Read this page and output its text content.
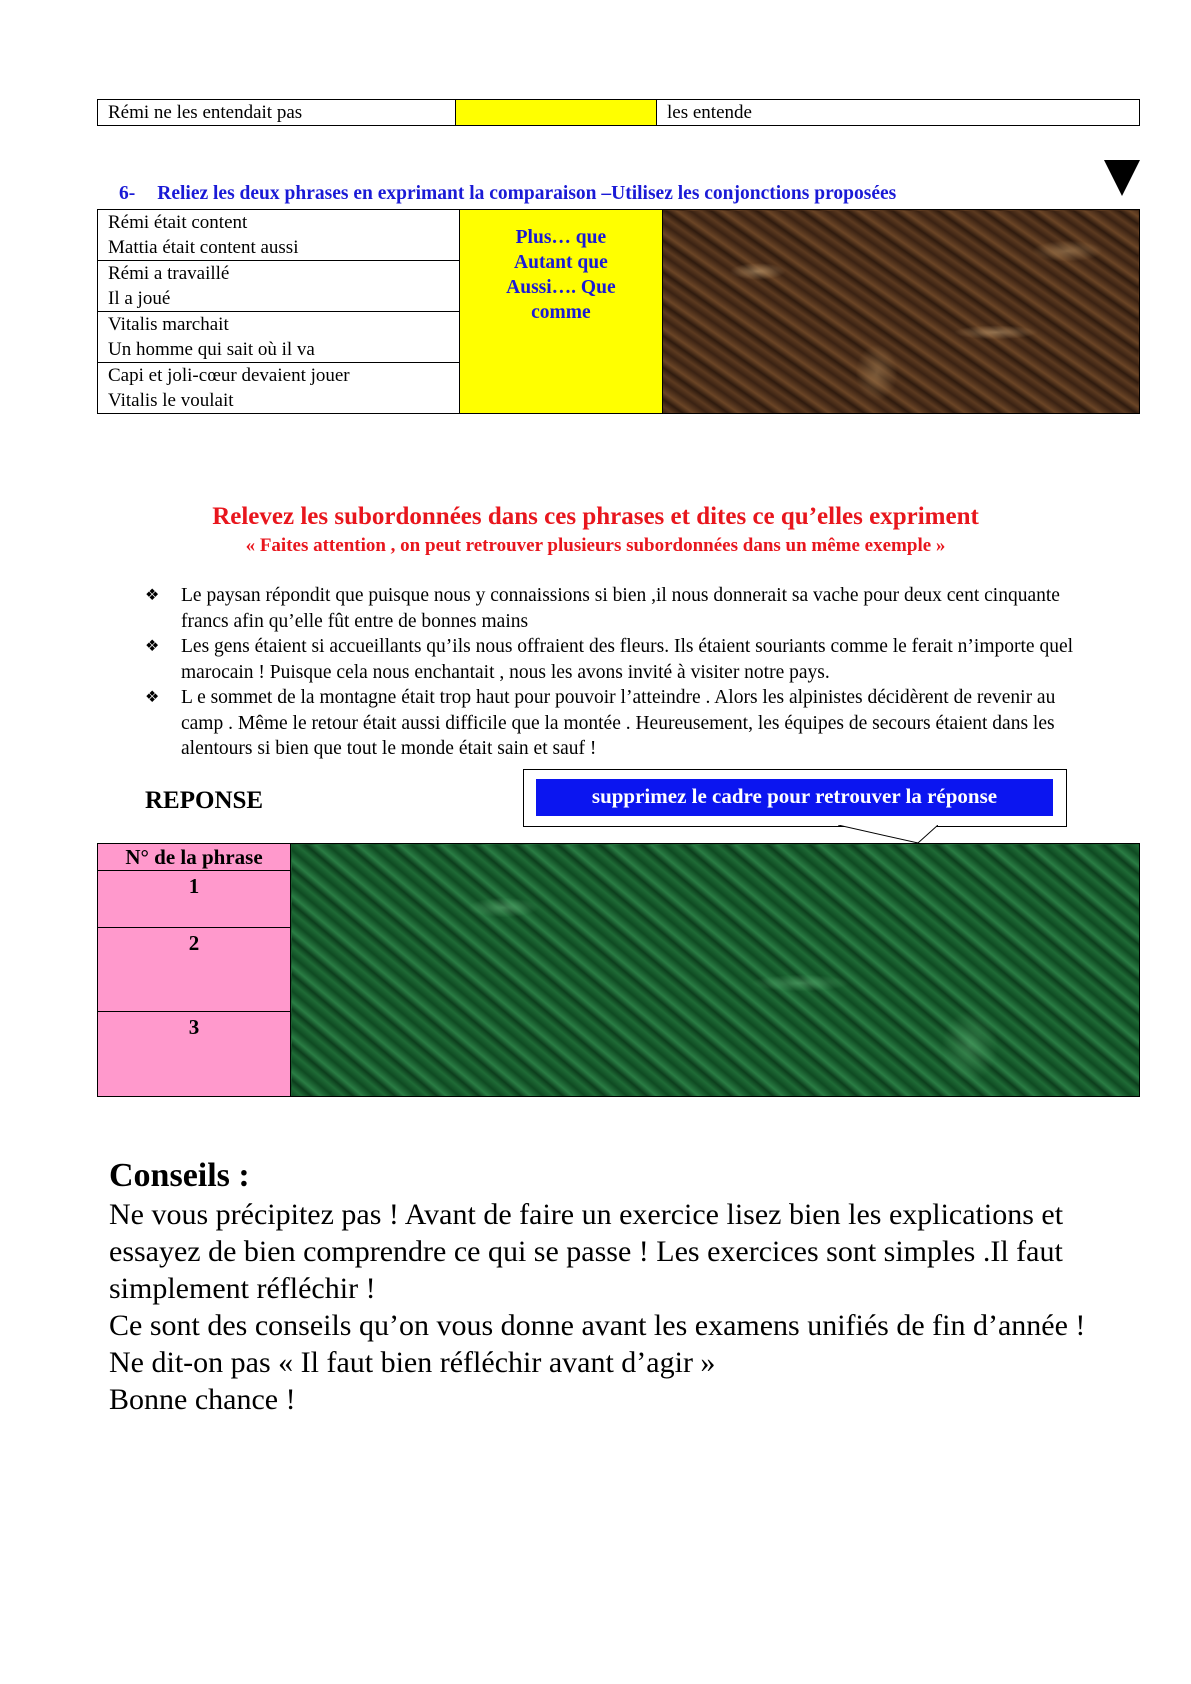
Rémi ne les entendait pas		les entende
6- Reliez les deux phrases en exprimant la comparaison –Utilisez les conjonctions proposées
Rémi était content
Mattia était content aussi	Plus… que
Autant que
Aussi…. Que
comme

Rémi a travaillé
Il a joué

Vitalis marchait
Un homme qui sait où il va

Capi et joli-cœur devaient jouer
Vitalis le voulait
Relevez les subordonnées dans ces phrases et dites ce qu’elles expriment
« Faites attention , on peut retrouver plusieurs subordonnées dans un même exemple »
❖ Le paysan répondit que puisque nous y connaissions si bien ,il nous donnerait sa vache pour deux cent cinquante francs afin qu’elle fût entre de bonnes mains
❖ Les gens étaient si accueillants qu’ils nous offraient des fleurs. Ils étaient souriants comme le ferait n’importe quel marocain ! Puisque cela nous enchantait , nous les avons invité à visiter notre pays.
❖ L e sommet de la montagne était trop haut pour pouvoir l’atteindre . Alors les alpinistes décidèrent de revenir au camp . Même le retour était aussi difficile que la montée . Heureusement, les équipes de secours étaient dans les alentours si bien que tout le monde était sain et sauf !
REPONSE	supprimez le cadre pour retrouver la réponse
N° de la phrase	
1
2
3
Conseils :

Ne vous précipitez pas ! Avant de faire un exercice lisez bien les explications et essayez de bien comprendre ce qui se passe ! Les exercices sont simples .Il faut simplement réfléchir !

Ce sont des conseils qu’on vous donne avant les examens unifiés de fin d’année !

Ne dit-on pas « Il faut bien réfléchir avant d’agir »

Bonne chance !
